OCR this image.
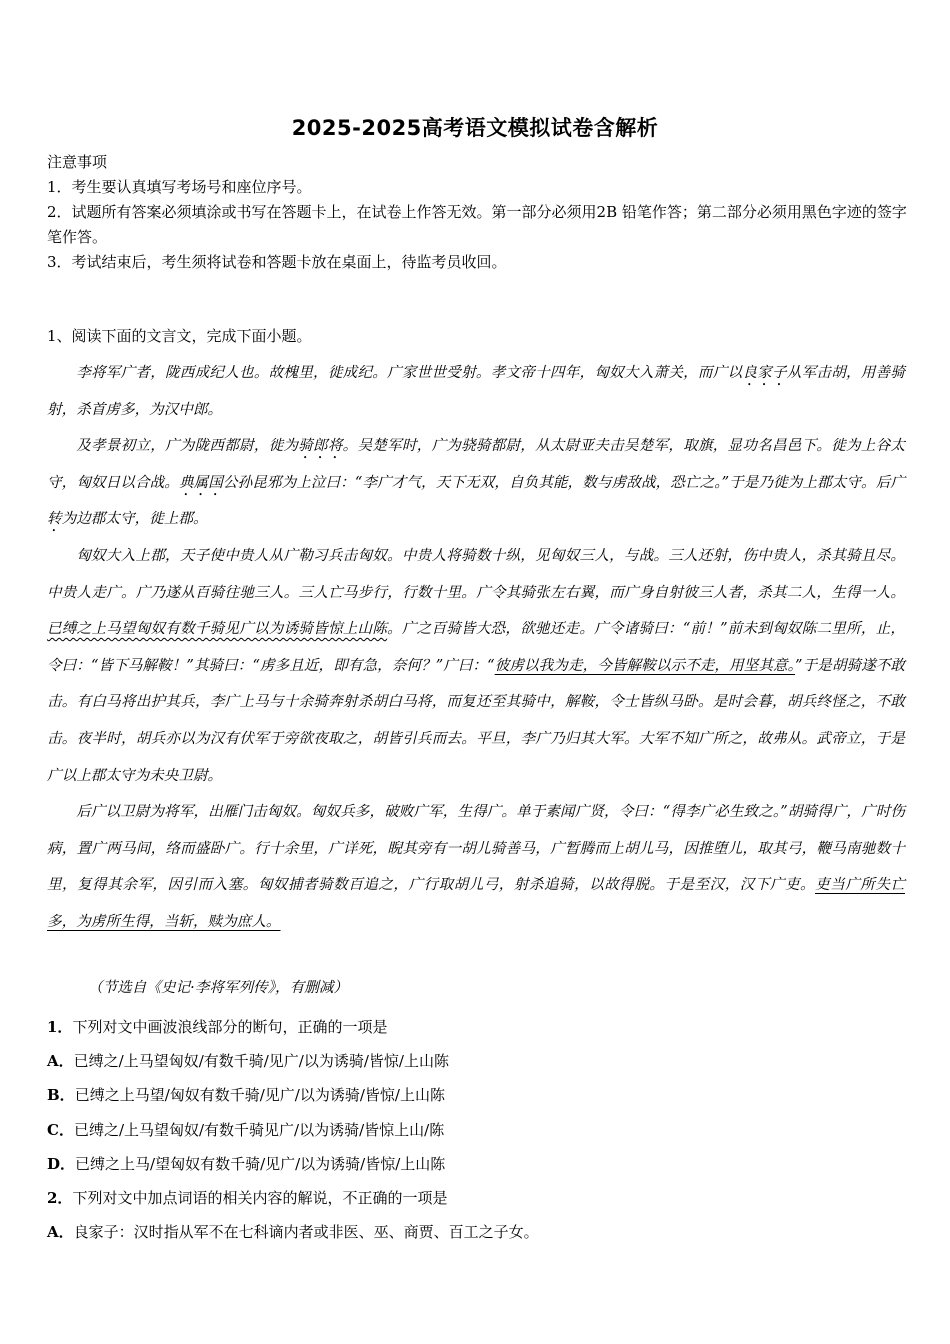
2025-2025高考语文模拟试卷含解析
注意事项
1．考生要认真填写考场号和座位序号。
2．试题所有答案必须填涂或书写在答题卡上，在试卷上作答无效。第一部分必须用2B 铅笔作答；第二部分必须用黑色字迹的签字笔作答。
3．考试结束后，考生须将试卷和答题卡放在桌面上，待监考员收回。
1、阅读下面的文言文，完成下面小题。

李将军广者，陇西成纪人也。故槐里，徙成纪。广家世世受射。孝文帝十四年，匈奴大入萧关，而广以良家子从军击胡，用善骑射，杀首虏多，为汉中郎。

及孝景初立，广为陇西都尉，徙为骑郎将。吴楚军时，广为骁骑都尉，从太尉亚夫击吴楚军，取旗，显功名昌邑下。徙为上谷太守，匈奴日以合战。典属国公孙昆邪为上泣曰：“李广才气，天下无双，自负其能，数与虏敌战，恐亡之。”于是乃徙为上郡太守。后广转为边郡太守，徙上郡。

匈奴大入上郡，天子使中贵人从广勒习兵击匈奴。中贵人将骑数十纵，见匈奴三人，与战。三人还射，伤中贵人，杀其骑且尽。中贵人走广。广乃遂从百骑往驰三人。三人亡马步行，行数十里。广令其骑张左右翼，而广身自射彼三人者，杀其二人，生得一人。已缚之上马望匈奴有数千骑见广以为诱骑皆惊上山陈。广之百骑皆大恐，欲驰还走。广令诸骑曰：“前！”前未到匈奴陈二里所，止，令曰：“皆下马解鞍！”其骑曰：“虏多且近，即有急，奈何？”广曰：“彼虏以我为走，今皆解鞍以示不走，用坚其意。”于是胡骑遂不敢击。有白马将出护其兵，李广上马与十余骑奔射杀胡白马将，而复还至其骑中，解鞍，令士皆纵马卧。是时会暮，胡兵终怪之，不敢击。夜半时，胡兵亦以为汉有伏军于旁欲夜取之，胡皆引兵而去。平旦，李广乃归其大军。大军不知广所之，故弗从。武帝立，于是广以上郡太守为未央卫尉。

后广以卫尉为将军，出雁门击匈奴。匈奴兵多，破败广军，生得广。单于素闻广贤，令曰：“得李广必生致之。”胡骑得广，广时伤病，置广两马间，络而盛卧广。行十余里，广详死，睨其旁有一胡儿骑善马，广暂腾而上胡儿马，因推堕儿，取其弓，鞭马南驰数十里，复得其余军，因引而入塞。匈奴捕者骑数百追之，广行取胡儿弓，射杀追骑，以故得脱。于是至汉，汉下广吏。吏当广所失亡多，为虏所生得，当斩，赎为庶人。

（节选自《史记·李将军列传》，有删减）
1．下列对文中画波浪线部分的断句，正确的一项是
A．已缚之/上马望匈奴/有数千骑/见广/以为诱骑/皆惊/上山陈
B．已缚之上马望/匈奴有数千骑/见广/以为诱骑/皆惊/上山陈
C．已缚之/上马望匈奴/有数千骑见广/以为诱骑/皆惊上山/陈
D．已缚之上马/望匈奴有数千骑/见广/以为诱骑/皆惊/上山陈
2．下列对文中加点词语的相关内容的解说，不正确的一项是
A．良家子：汉时指从军不在七科谪内者或非医、巫、商贾、百工之子女。
